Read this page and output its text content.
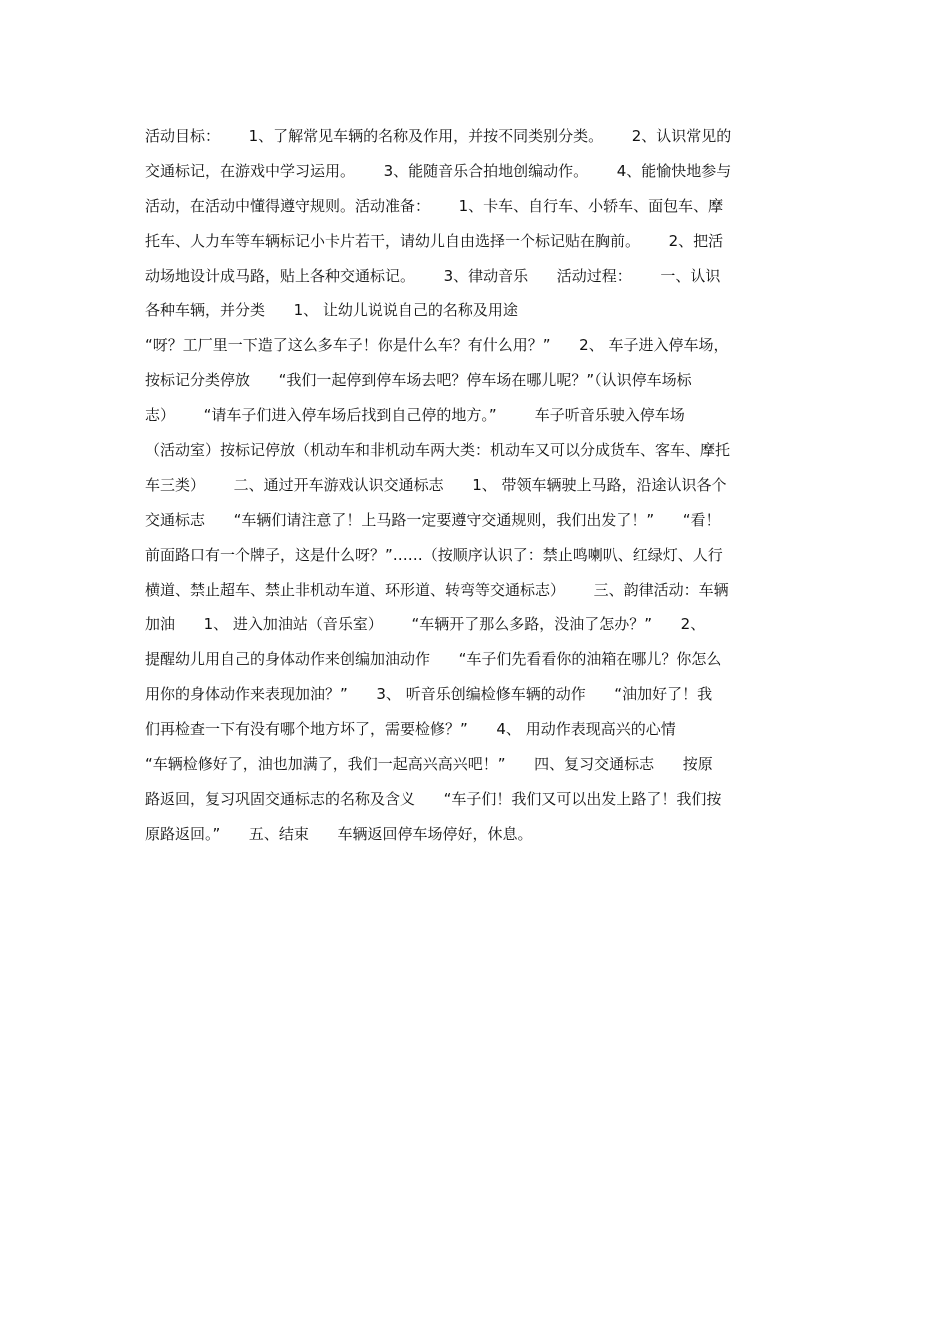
活动目标：      1、了解常见车辆的名称及作用，并按不同类别分类。      2、认识常见的
交通标记，在游戏中学习运用。      3、能随音乐合拍地创编动作。      4、能愉快地参与
活动，在活动中懂得遵守规则。活动准备：      1、卡车、自行车、小轿车、面包车、摩
托车、人力车等车辆标记小卡片若干，请幼儿自由选择一个标记贴在胸前。      2、把活
动场地设计成马路，贴上各种交通标记。      3、律动音乐      活动过程：      一、认识
各种车辆，并分类      1、 让幼儿说说自己的名称及用途
“呀？工厂里一下造了这么多车子！你是什么车？有什么用？”      2、 车子进入停车场，
按标记分类停放      “我们一起停到停车场去吧？停车场在哪儿呢？”（认识停车场标
志）      “请车子们进入停车场后找到自己停的地方。”        车子听音乐驶入停车场
（活动室）按标记停放（机动车和非机动车两大类：机动车又可以分成货车、客车、摩托
车三类）      二、通过开车游戏认识交通标志      1、 带领车辆驶上马路，沿途认识各个
交通标志      “车辆们请注意了！上马路一定要遵守交通规则，我们出发了！”      “看！
前面路口有一个牌子，这是什么呀？”……（按顺序认识了：禁止鸣喇叭、红绿灯、人行
横道、禁止超车、禁止非机动车道、环形道、转弯等交通标志）      三、韵律活动：车辆
加油      1、 进入加油站（音乐室）      “车辆开了那么多路，没油了怎办？”      2、
提醒幼儿用自己的身体动作来创编加油动作      “车子们先看看你的油箱在哪儿？你怎么
用你的身体动作来表现加油？”      3、 听音乐创编检修车辆的动作      “油加好了！我
们再检查一下有没有哪个地方坏了，需要检修？”      4、 用动作表现高兴的心情
“车辆检修好了，油也加满了，我们一起高兴高兴吧！”      四、复习交通标志      按原
路返回，复习巩固交通标志的名称及含义      “车子们！我们又可以出发上路了！我们按
原路返回。”      五、结束      车辆返回停车场停好，休息。
